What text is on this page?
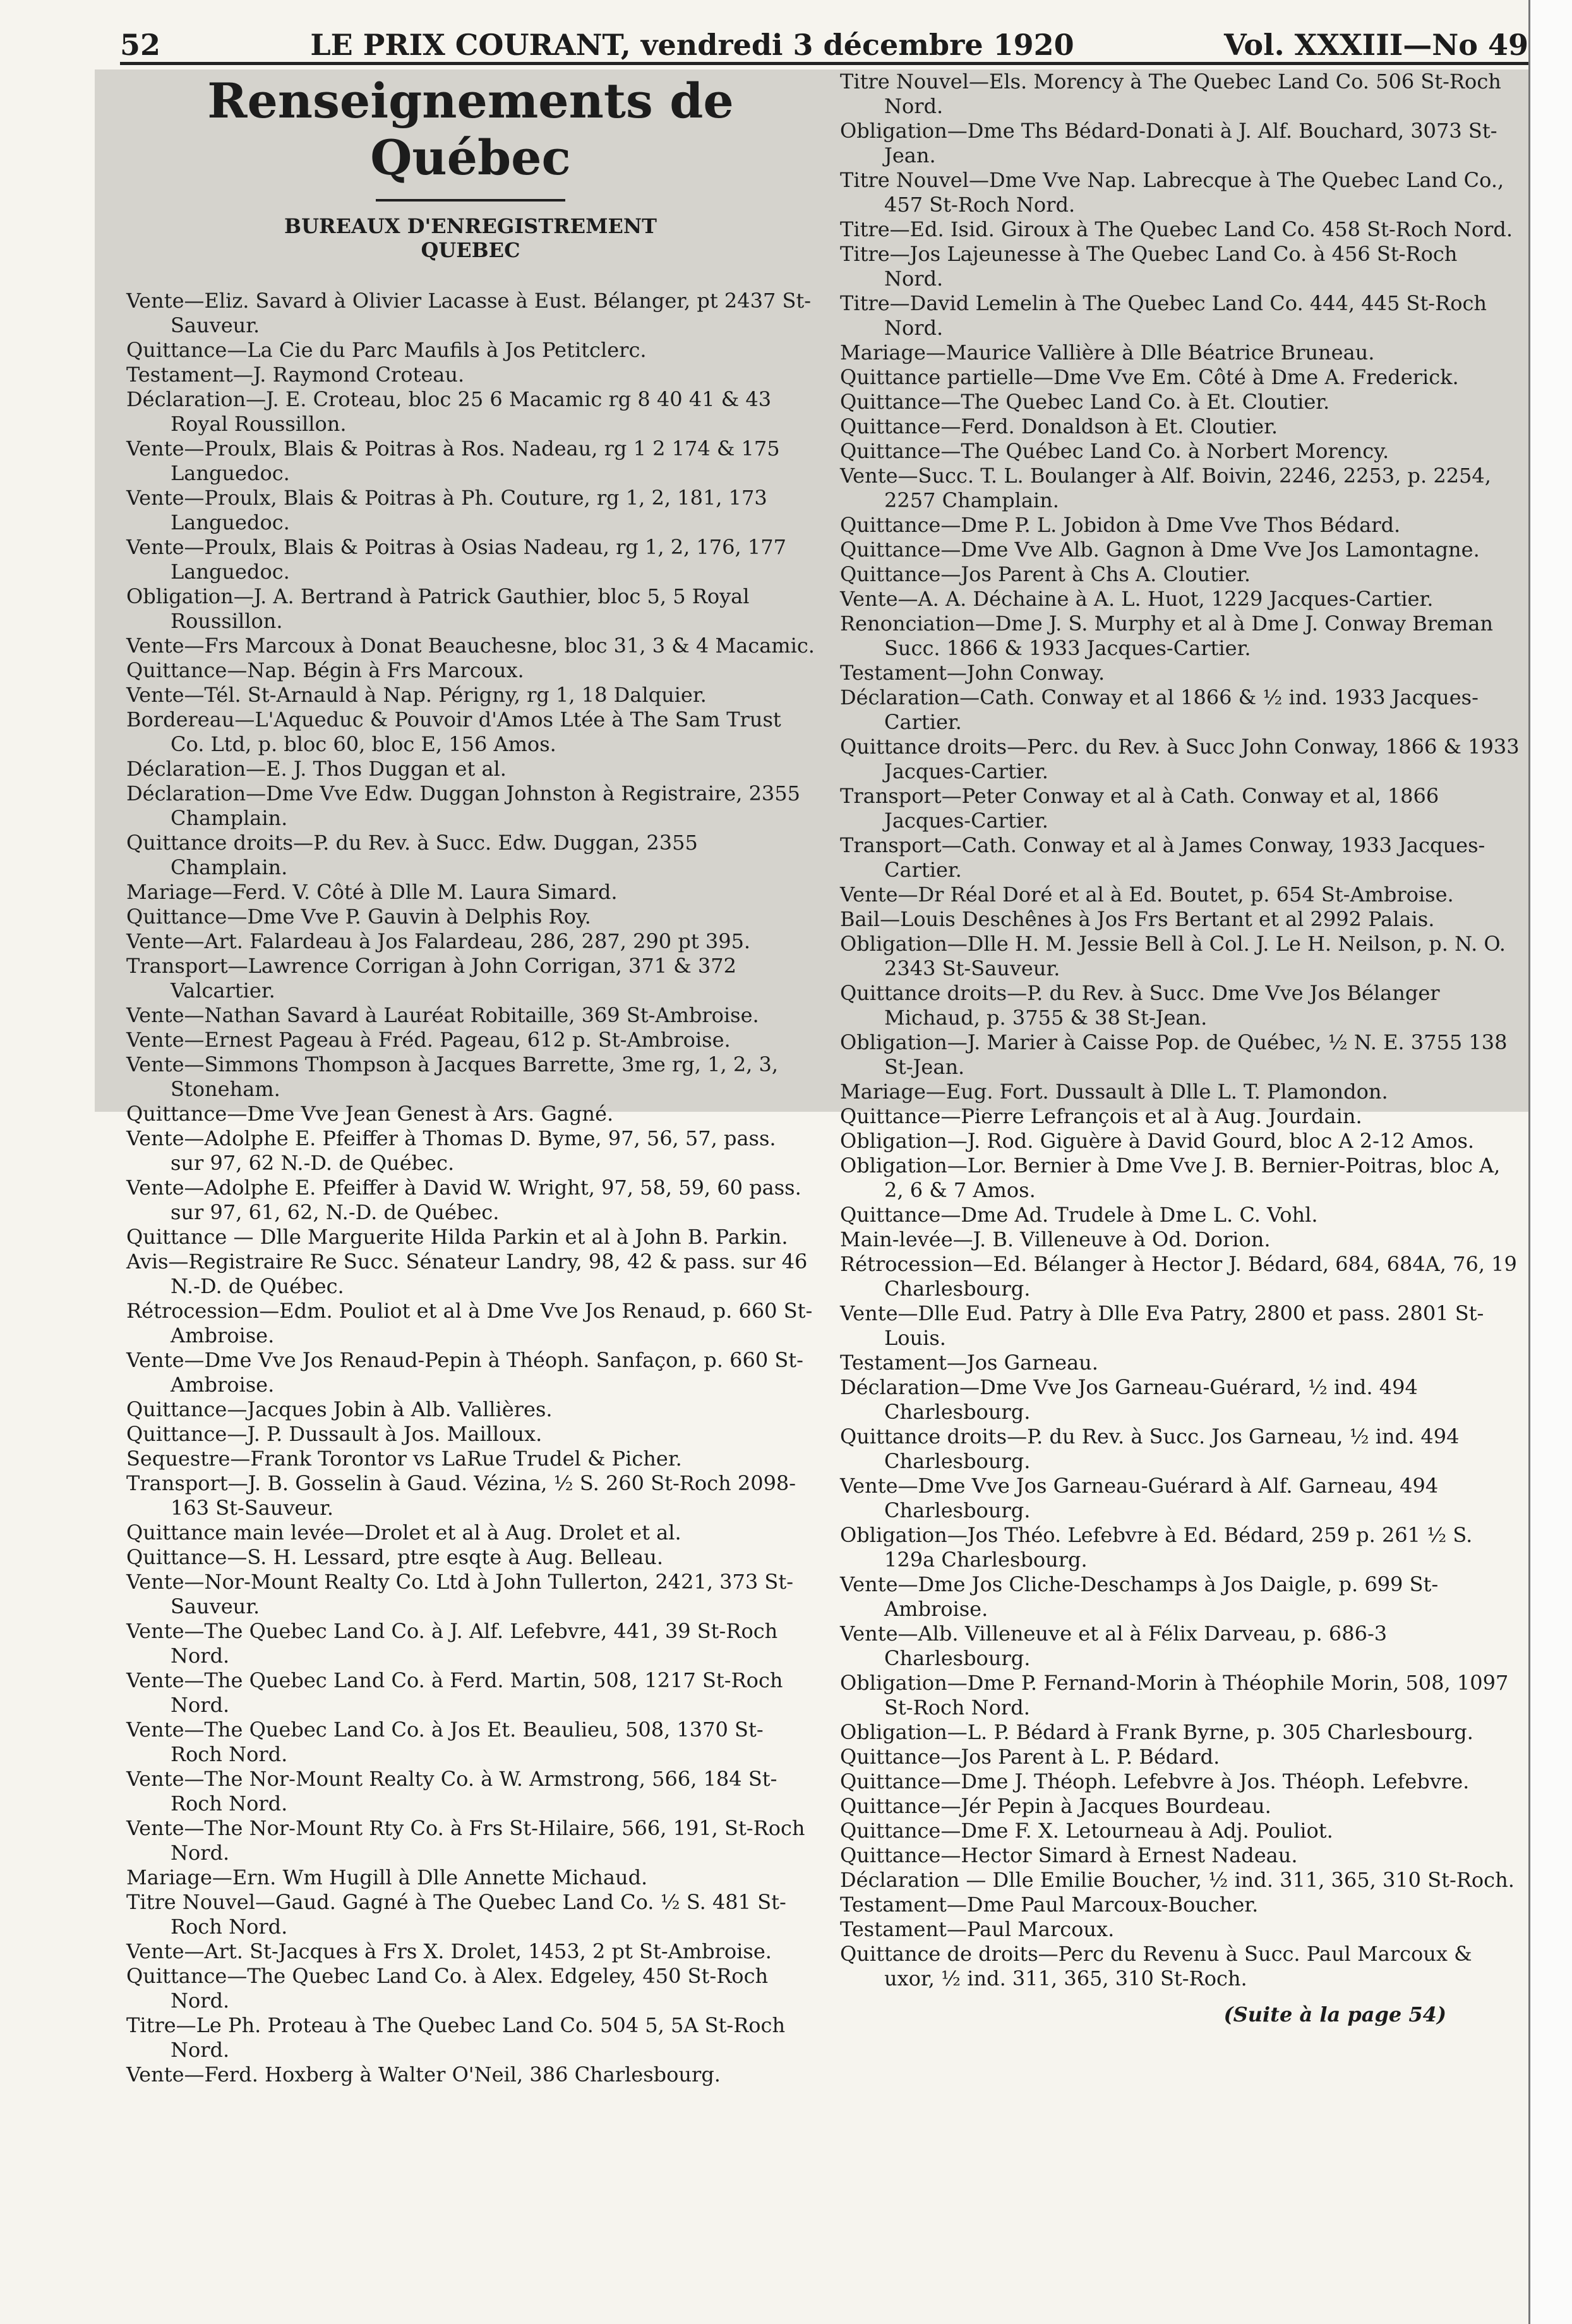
52	LE PRIX COURANT, vendredi 3 décembre 1920	Vol. XXXIII—No 49
Renseignements de Québec
BUREAUX D'ENREGISTREMENT
QUEBEC
Vente—Eliz. Savard à Olivier Lacasse à Eust. Bélanger, pt 2437 St-Sauveur.
Quittance—La Cie du Parc Maufils à Jos Petitclerc.
Testament—J. Raymond Croteau.
Déclaration—J. E. Croteau, bloc 25 6 Macamic rg 8 40 41 & 43 Royal Roussillon.
Vente—Proulx, Blais & Poitras à Ros. Nadeau, rg 1 2 174 & 175 Languedoc.
Vente—Proulx, Blais & Poitras à Ph. Couture, rg 1, 2, 181, 173 Languedoc.
Vente—Proulx, Blais & Poitras à Osias Nadeau, rg 1, 2, 176, 177 Languedoc.
Obligation—J. A. Bertrand à Patrick Gauthier, bloc 5, 5 Royal Roussillon.
Vente—Frs Marcoux à Donat Beauchesne, bloc 31, 3 & 4 Macamic.
Quittance—Nap. Bégin à Frs Marcoux.
Vente—Tél. St-Arnauld à Nap. Périgny, rg 1, 18 Dalquier.
Bordereau—L'Aqueduc & Pouvoir d'Amos Ltée à The Sam Trust Co. Ltd, p. bloc 60, bloc E, 156 Amos.
Déclaration—E. J. Thos Duggan et al.
Déclaration—Dme Vve Edw. Duggan Johnston à Registraire, 2355 Champlain.
Quittance droits—P. du Rev. à Succ. Edw. Duggan, 2355 Champlain.
Mariage—Ferd. V. Côté à Dlle M. Laura Simard.
Quittance—Dme Vve P. Gauvin à Delphis Roy.
Vente—Art. Falardeau à Jos Falardeau, 286, 287, 290 pt 395.
Transport—Lawrence Corrigan à John Corrigan, 371 & 372 Valcartier.
Vente—Nathan Savard à Lauréat Robitaille, 369 St-Ambroise.
Vente—Ernest Pageau à Fréd. Pageau, 612 p. St-Ambroise.
Vente—Simmons Thompson à Jacques Barrette, 3me rg, 1, 2, 3, Stoneham.
Quittance—Dme Vve Jean Genest à Ars. Gagné.
Vente—Adolphe E. Pfeiffer à Thomas D. Byme, 97, 56, 57, pass. sur 97, 62 N.-D. de Québec.
Vente—Adolphe E. Pfeiffer à David W. Wright, 97, 58, 59, 60 pass. sur 97, 61, 62, N.-D. de Québec.
Quittance — Dlle Marguerite Hilda Parkin et al à John B. Parkin.
Avis—Registraire Re Succ. Sénateur Landry, 98, 42 & pass. sur 46 N.-D. de Québec.
Rétrocession—Edm. Pouliot et al à Dme Vve Jos Renaud, p. 660 St-Ambroise.
Vente—Dme Vve Jos Renaud-Pepin à Théoph. Sanfaçon, p. 660 St-Ambroise.
Quittance—Jacques Jobin à Alb. Vallières.
Quittance—J. P. Dussault à Jos. Mailloux.
Sequestre—Frank Torontor vs LaRue Trudel & Picher.
Transport—J. B. Gosselin à Gaud. Vézina, ½ S. 260 St-Roch 2098-163 St-Sauveur.
Quittance main levée—Drolet et al à Aug. Drolet et al.
Quittance—S. H. Lessard, ptre esqte à Aug. Belleau.
Vente—Nor-Mount Realty Co. Ltd à John Tullerton, 2421, 373 St-Sauveur.
Vente—The Quebec Land Co. à J. Alf. Lefebvre, 441, 39 St-Roch Nord.
Vente—The Quebec Land Co. à Ferd. Martin, 508, 1217 St-Roch Nord.
Vente—The Quebec Land Co. à Jos Et. Beaulieu, 508, 1370 St-Roch Nord.
Vente—The Nor-Mount Realty Co. à W. Armstrong, 566, 184 St-Roch Nord.
Vente—The Nor-Mount Rty Co. à Frs St-Hilaire, 566, 191, St-Roch Nord.
Mariage—Ern. Wm Hugill à Dlle Annette Michaud.
Titre Nouvel—Gaud. Gagné à The Quebec Land Co. ½ S. 481 St-Roch Nord.
Vente—Art. St-Jacques à Frs X. Drolet, 1453, 2 pt St-Ambroise.
Quittance—The Quebec Land Co. à Alex. Edgeley, 450 St-Roch Nord.
Titre—Le Ph. Proteau à The Quebec Land Co. 504 5, 5A St-Roch Nord.
Vente—Ferd. Hoxberg à Walter O'Neil, 386 Charlesbourg.
Titre Nouvel—Els. Morency à The Quebec Land Co. 506 St-Roch Nord.
Obligation—Dme Ths Bédard-Donati à J. Alf. Bouchard, 3073 St-Jean.
Titre Nouvel—Dme Vve Nap. Labrecque à The Quebec Land Co., 457 St-Roch Nord.
Titre—Ed. Isid. Giroux à The Quebec Land Co. 458 St-Roch Nord.
Titre—Jos Lajeunesse à The Quebec Land Co. à 456 St-Roch Nord.
Titre—David Lemelin à The Quebec Land Co. 444, 445 St-Roch Nord.
Mariage—Maurice Vallière à Dlle Béatrice Bruneau.
Quittance partielle—Dme Vve Em. Côté à Dme A. Frederick.
Quittance—The Quebec Land Co. à Et. Cloutier.
Quittance—Ferd. Donaldson à Et. Cloutier.
Quittance—The Québec Land Co. à Norbert Morency.
Vente—Succ. T. L. Boulanger à Alf. Boivin, 2246, 2253, p. 2254, 2257 Champlain.
Quittance—Dme P. L. Jobidon à Dme Vve Thos Bédard.
Quittance—Dme Vve Alb. Gagnon à Dme Vve Jos Lamontagne.
Quittance—Jos Parent à Chs A. Cloutier.
Vente—A. A. Déchaine à A. L. Huot, 1229 Jacques-Cartier.
Renonciation—Dme J. S. Murphy et al à Dme J. Conway Breman Succ. 1866 & 1933 Jacques-Cartier.
Testament—John Conway.
Déclaration—Cath. Conway et al 1866 & ½ ind. 1933 Jacques-Cartier.
Quittance droits—Perc. du Rev. à Succ John Conway, 1866 & 1933 Jacques-Cartier.
Transport—Peter Conway et al à Cath. Conway et al, 1866 Jacques-Cartier.
Transport—Cath. Conway et al à James Conway, 1933 Jacques-Cartier.
Vente—Dr Réal Doré et al à Ed. Boutet, p. 654 St-Ambroise.
Bail—Louis Deschênes à Jos Frs Bertant et al 2992 Palais.
Obligation—Dlle H. M. Jessie Bell à Col. J. Le H. Neilson, p. N. O. 2343 St-Sauveur.
Quittance droits—P. du Rev. à Succ. Dme Vve Jos Bélanger Michaud, p. 3755 & 38 St-Jean.
Obligation—J. Marier à Caisse Pop. de Québec, ½ N. E. 3755 138 St-Jean.
Mariage—Eug. Fort. Dussault à Dlle L. T. Plamondon.
Quittance—Pierre Lefrançois et al à Aug. Jourdain.
Obligation—J. Rod. Giguère à David Gourd, bloc A 2-12 Amos.
Obligation—Lor. Bernier à Dme Vve J. B. Bernier-Poitras, bloc A, 2, 6 & 7 Amos.
Quittance—Dme Ad. Trudele à Dme L. C. Vohl.
Main-levée—J. B. Villeneuve à Od. Dorion.
Rétrocession—Ed. Bélanger à Hector J. Bédard, 684, 684A, 76, 19 Charlesbourg.
Vente—Dlle Eud. Patry à Dlle Eva Patry, 2800 et pass. 2801 St-Louis.
Testament—Jos Garneau.
Déclaration—Dme Vve Jos Garneau-Guérard, ½ ind. 494 Charlesbourg.
Quittance droits—P. du Rev. à Succ. Jos Garneau, ½ ind. 494 Charlesbourg.
Vente—Dme Vve Jos Garneau-Guérard à Alf. Garneau, 494 Charlesbourg.
Obligation—Jos Théo. Lefebvre à Ed. Bédard, 259 p. 261 ½ S. 129a Charlesbourg.
Vente—Dme Jos Cliche-Deschamps à Jos Daigle, p. 699 St-Ambroise.
Vente—Alb. Villeneuve et al à Félix Darveau, p. 686-3 Charlesbourg.
Obligation—Dme P. Fernand-Morin à Théophile Morin, 508, 1097 St-Roch Nord.
Obligation—L. P. Bédard à Frank Byrne, p. 305 Charlesbourg.
Quittance—Jos Parent à L. P. Bédard.
Quittance—Dme J. Théoph. Lefebvre à Jos. Théoph. Lefebvre.
Quittance—Jér Pepin à Jacques Bourdeau.
Quittance—Dme F. X. Letourneau à Adj. Pouliot.
Quittance—Hector Simard à Ernest Nadeau.
Déclaration — Dlle Emilie Boucher, ½ ind. 311, 365, 310 St-Roch.
Testament—Dme Paul Marcoux-Boucher.
Testament—Paul Marcoux.
Quittance de droits—Perc du Revenu à Succ. Paul Marcoux & uxor, ½ ind. 311, 365, 310 St-Roch.
(Suite à la page 54)
